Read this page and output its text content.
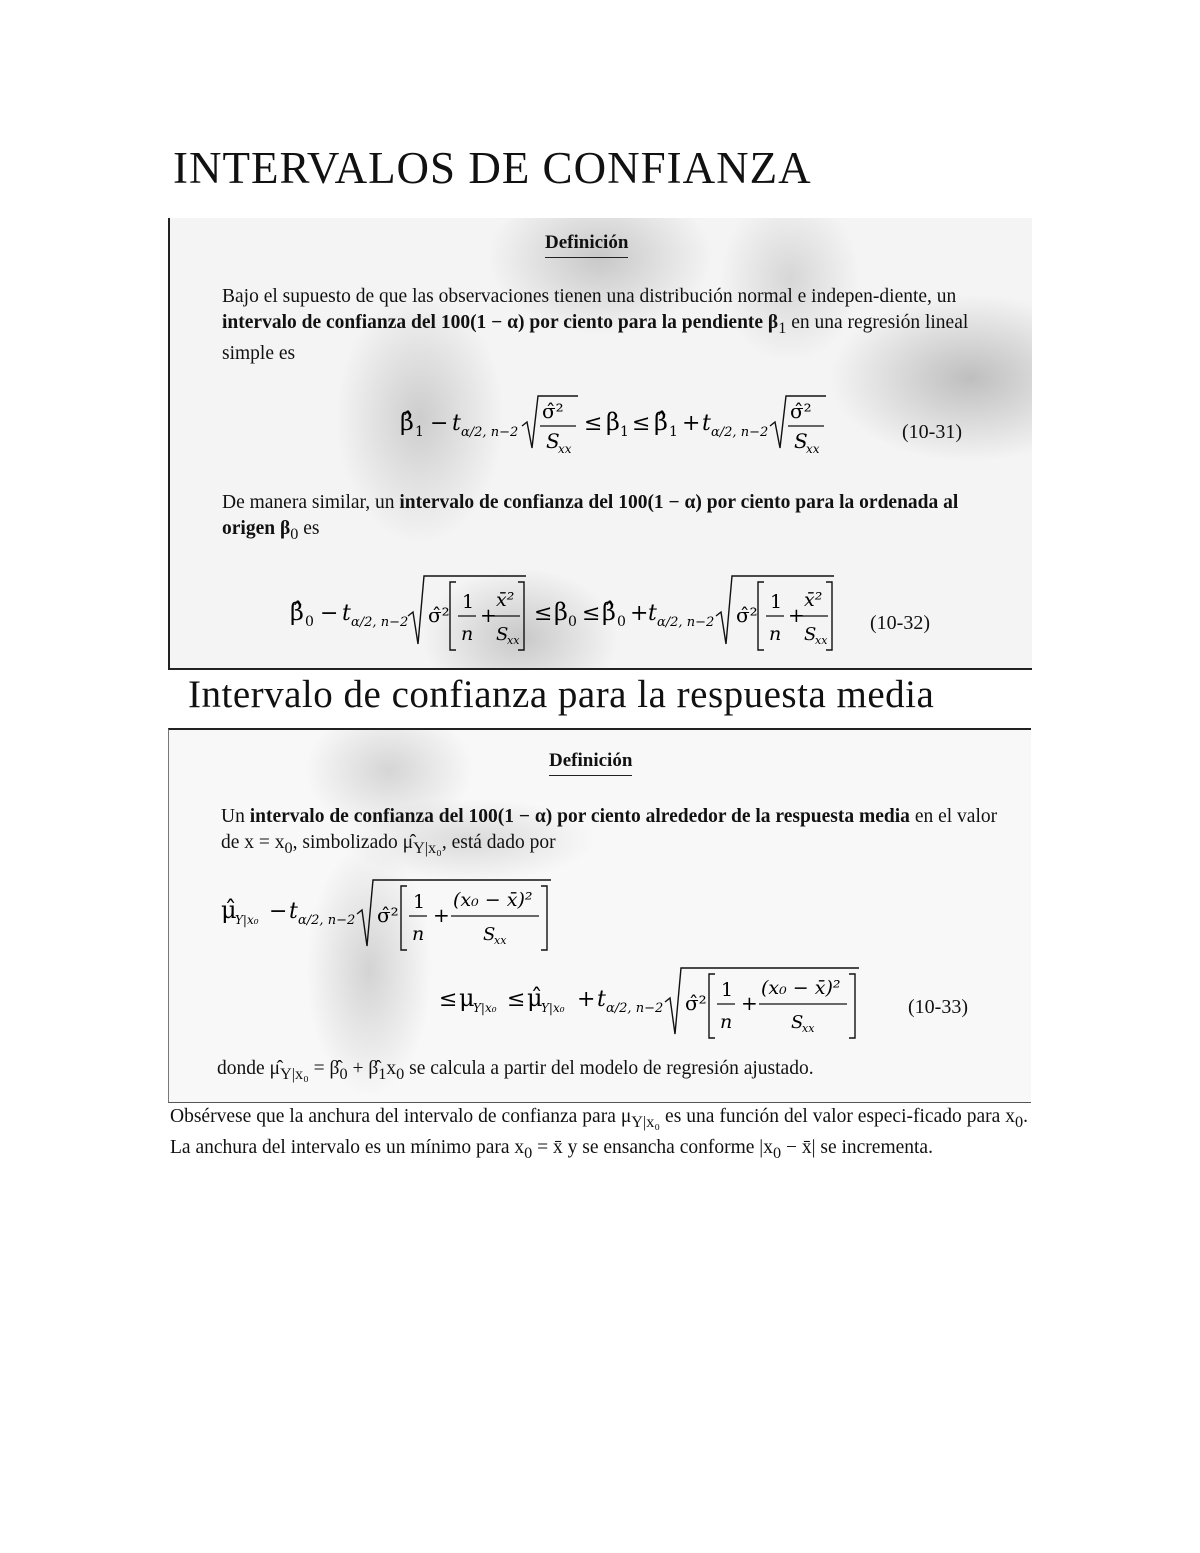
INTERVALOS DE CONFIANZA
Definición

Bajo el supuesto de que las observaciones tienen una distribución normal e indepen-diente, un intervalo de confianza del 100(1 − α) por ciento para la pendiente $\beta_1$ en una regresión lineal simple es

β̂ 1 − t α/2, n−2
σ̂²
S
xx
≤ β 1 ≤ β̂ 1 + t α/2, n−2
σ̂²
S
xx
(10-31)

De manera similar, un intervalo de confianza del 100(1 − α) por ciento para la ordenada al origen $\beta_0$ es

β̂ 0 − t α/2, n−2 σ̂²
1
n
+
x̄²
S
xx
≤ β 0 ≤ β̂ 0 + t α/2, n−2 σ̂²
1
n
+
x̄²
S
xx
(10-32)
Intervalo de confianza para la respuesta media
Definición

Un intervalo de confianza del 100(1 − α) por ciento alrededor de la respuesta media en el valor de $x = x_0$, simbolizado $\mû_{Y|x_0}$, está dado por

μ̂
Y|x₀ − t α/2, n−2 σ̂²
1
n
+
(x₀ − x̄)²
S
xx
≤ μ
Y|x₀ ≤ μ̂
Y|x₀ + t α/2, n−2 σ̂²
1
n
+
(x₀ − x̄)²
S
xx
(10-33)

donde $\mû_{Y|x_0}$ = $\betâ_0$ + $\betâ_1x_0$ se calcula a partir del modelo de regresión ajustado.

Obsérvese que la anchura del intervalo de confianza para $\mu_{Y|x_0}$ es una función del valor especi-ficado para $x_0$. La anchura del intervalo es un mínimo para $x_0$ = x̄ y se ensancha conforme $|x_0$ − x̄| se incrementa.
